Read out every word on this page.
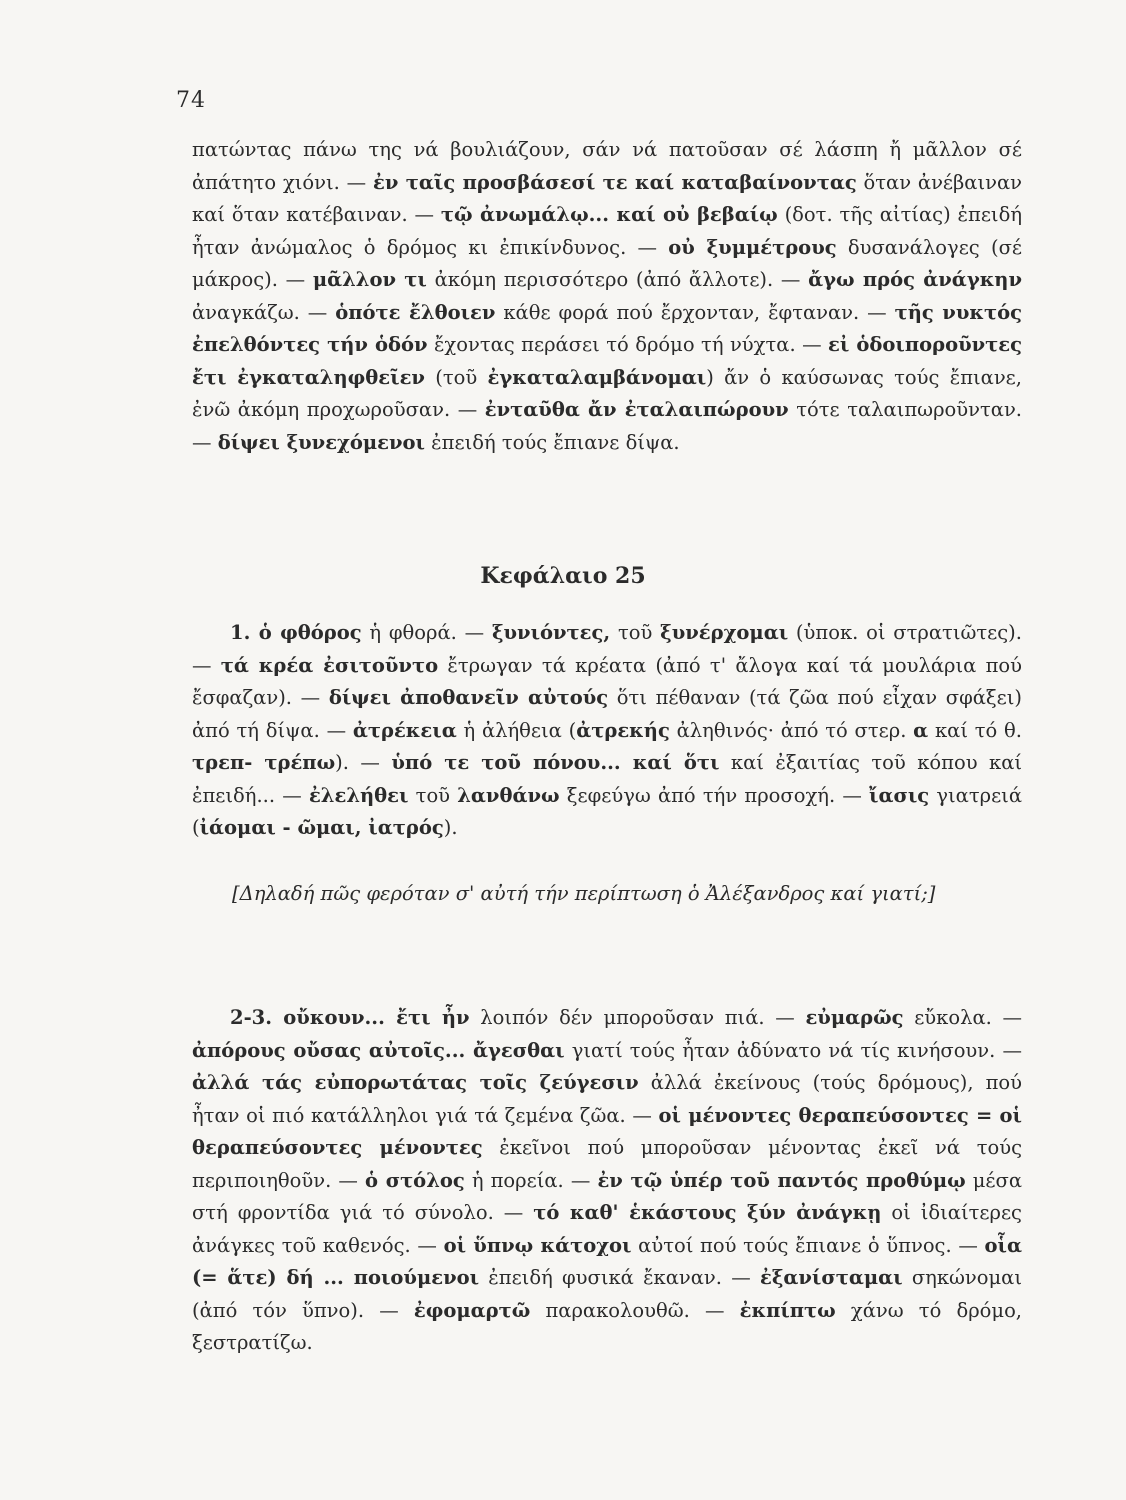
74

πατώντας πάνω της νά βουλιάζουν, σάν νά πατοῦσαν σέ λάσπη ἤ μᾶλλον σέ ἀπάτητο χιόνι. — ἐν ταῖς προσβάσεσί τε καί καταβαίνοντας ὅταν ἀνέβαιναν καί ὅταν κατέβαιναν. — τῷ ἀνωμάλῳ... καί οὐ βεβαίῳ (δοτ. τῆς αἰτίας) ἐπειδή ἦταν ἀνώμαλος ὁ δρόμος κι ἐπικίνδυνος. — οὐ ξυμμέτρους δυσανάλογες (σέ μάκρος). — μᾶλλον τι ἀκόμη περισσότερο (ἀπό ἄλλοτε). — ἄγω πρός ἀνάγκην ἀναγκάζω. — ὁπότε ἔλθοιεν κάθε φορά πού ἔρχονταν, ἔφταναν. — τῆς νυκτός ἐπελθόντες τήν ὁδόν ἔχοντας περάσει τό δρόμο τή νύχτα. — εἰ ὁδοιποροῦντες ἔτι ἐγκαταληφθεῖεν (τοῦ ἐγκαταλαμβάνομαι) ἄν ὁ καύσωνας τούς ἔπιανε, ἐνῶ ἀκόμη προχωροῦσαν. — ἐνταῦθα ἄν ἐταλαιπώρουν τότε ταλαιπωροῦνταν. — δίψει ξυνεχόμενοι ἐπειδή τούς ἔπιανε δίψα.

Κεφάλαιο 25

1. ὁ φθόρος ἡ φθορά. — ξυνιόντες, τοῦ ξυνέρχομαι (ὑποκ. οἱ στρατιῶτες). — τά κρέα ἐσιτοῦντο ἔτρωγαν τά κρέατα (ἀπό τ' ἄλογα καί τά μουλάρια πού ἔσφαζαν). — δίψει ἀποθανεῖν αὐτούς ὅτι πέθαναν (τά ζῶα πού εἶχαν σφάξει) ἀπό τή δίψα. — ἀτρέκεια ἡ ἀλήθεια (ἀτρεκής ἀληθινός· ἀπό τό στερ. α καί τό θ. τρεπ- τρέπω). — ὑπό τε τοῦ πόνου... καί ὅτι καί ἐξαιτίας τοῦ κόπου καί ἐπειδή... — ἐλελήθει τοῦ λανθάνω ξεφεύγω ἀπό τήν προσοχή. — ἴασις γιατρειά (ἰάομαι - ῶμαι, ἰατρός).

[Δηλαδή πῶς φερόταν σ' αὐτή τήν περίπτωση ὁ Ἀλέξανδρος καί γιατί;]

2-3. οὔκουν... ἔτι ἦν λοιπόν δέν μποροῦσαν πιά. — εὐμαρῶς εὔκολα. — ἀπόρους οὔσας αὐτοῖς... ἄγεσθαι γιατί τούς ἦταν ἀδύνατο νά τίς κινήσουν. — ἀλλά τάς εὐπορωτάτας τοῖς ζεύγεσιν ἀλλά ἐκείνους (τούς δρόμους), πού ἦταν οἱ πιό κατάλληλοι γιά τά ζεμένα ζῶα. — οἱ μένοντες θεραπεύσοντες = οἱ θεραπεύσοντες μένοντες ἐκεῖνοι πού μποροῦσαν μένοντας ἐκεῖ νά τούς περιποιηθοῦν. — ὁ στόλος ἡ πορεία. — ἐν τῷ ὑπέρ τοῦ παντός προθύμῳ μέσα στή φροντίδα γιά τό σύνολο. — τό καθ' ἑκάστους ξύν ἀνάγκῃ οἱ ἰδιαίτερες ἀνάγκες τοῦ καθενός. — οἱ ὕπνῳ κάτοχοι αὐτοί πού τούς ἔπιανε ὁ ὕπνος. — οἷα (= ἅτε) δή ... ποιούμενοι ἐπειδή φυσικά ἔκαναν. — ἐξανίσταμαι σηκώνομαι (ἀπό τόν ὕπνο). — ἐφομαρτῶ παρακολουθῶ. — ἐκπίπτω χάνω τό δρόμο, ξεστρατίζω.
